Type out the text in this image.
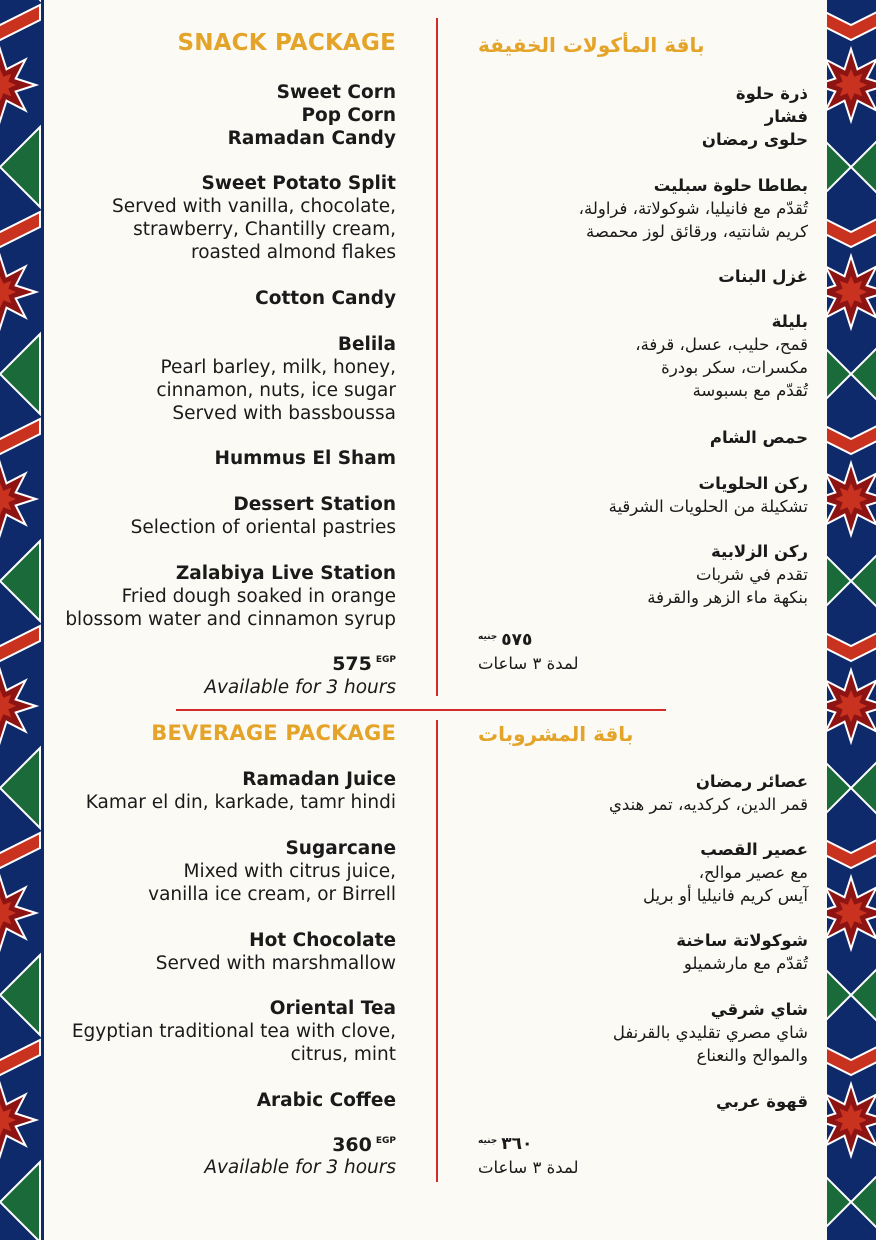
SNACK PACKAGE	باقة المأكولات الخفيفة
Sweet Corn
Pop Corn
Ramadan Candy
Sweet Potato Split
Served with vanilla, chocolate,
strawberry, Chantilly cream,
roasted almond flakes
Cotton Candy
Belila
Pearl barley, milk, honey,
cinnamon, nuts, ice sugar
Served with bassboussa
Hummus El Sham
Dessert Station
Selection of oriental pastries
Zalabiya Live Station
Fried dough soaked in orange
blossom water and cinnamon syrup
575 $^{EGP}$
Available for 3 hours
ذرة حلوة
فشار
حلوى رمضان
بطاطا حلوة سبليت
تُقدّم مع فانيليا، شوكولاتة، فراولة،
كريم شانتيه، ورقائق لوز محمصة
غزل البنات
بليلة
قمح، حليب، عسل، قرفة،
مكسرات، سكر بودرة
تُقدّم مع بسبوسة
حمص الشام
ركن الحلويات
تشكيلة من الحلويات الشرقية
ركن الزلابية
تقدم في شربات
بنكهة ماء الزهر والقرفة
$٥٧٥^{جنيه}$
لمدة ٣ ساعات
BEVERAGE PACKAGE	باقة المشروبات
Ramadan Juice
Kamar el din, karkade, tamr hindi
Sugarcane
Mixed with citrus juice,
vanilla ice cream, or Birrell
Hot Chocolate
Served with marshmallow
Oriental Tea
Egyptian traditional tea with clove,
citrus, mint
Arabic Coffee
360 $^{EGP}$
Available for 3 hours
عصائر رمضان
قمر الدين، كركديه، تمر هندي
عصير القصب
مع عصير موالح،
آيس كريم فانيليا أو بريل
شوكولاتة ساخنة
تُقدّم مع مارشميلو
شاي شرقي
شاي مصري تقليدي بالقرنفل
والموالح والنعناع
قهوة عربي
$٣٦٠^{جنيه}$
لمدة ٣ ساعات
